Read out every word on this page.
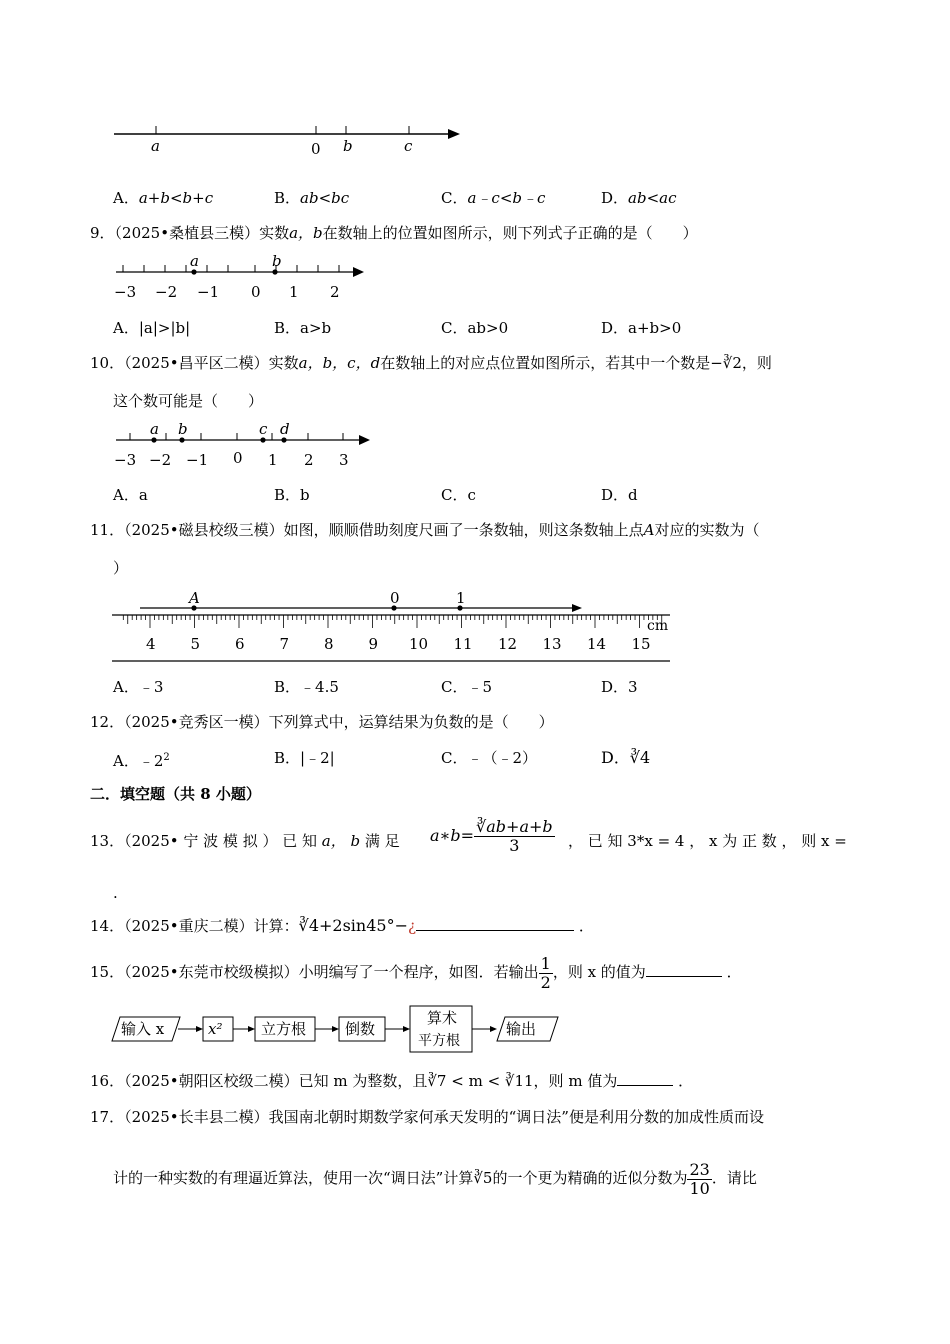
a	0 b	c
A．a+b<b+c	B．ab<bc	C．a﹣c<b﹣c	D．ab<ac
9．（2025•桑植县三模）实数a，b在数轴上的位置如图所示，则下列式子正确的是（　　）
a	b
−3 −2 −1 0 1 2
A．|a|>|b|	B．a>b	C．ab>0	D．a+b>0
10．（2025•昌平区二模）实数a，b，c，d在数轴上的对应点位置如图所示，若其中一个数是−∛2，则
这个数可能是（　　）
a b	c d
−3 −2 −1 0 1 2 3
A．a	B．b	C．c	D．d
11．（2025•磁县校级三模）如图，顺顺借助刻度尺画了一条数轴，则这条数轴上点A对应的实数为（
）
A	0	1
cm
4 5 6 7 8 9 10 11 12 13 14 15
A．﹣3	B．﹣4.5	C．﹣5	D．3
12．（2025•竞秀区一模）下列算式中，运算结果为负数的是（　　）
A．$﹣2^2$	B．|﹣2|	C．﹣（﹣2）	D．∛4
二．填空题（共 8 小题）
13．（2025• 宁 波 模 拟 ） 已 知 a， b 满 足 a∗b= $\frac{∛ab+a+b}{3}$ ， 已 知 3*x = 4 ， x 为 正 数 ， 则 x =
.
14．（2025•重庆二模）计算：∛4+2sin45°−¿	．
15．（2025•东莞市校级模拟）小明编写了一个程序，如图．若输出 $\frac{1}{2}$ ，则 x 的值为	．
输入 x	x²	立方根	倒数
算术
平方根
输出
16．（2025•朝阳区校级二模）已知 m 为整数，且∛7 < m < ∛11，则 m 值为	．
17．（2025•长丰县二模）我国南北朝时期数学家何承天发明的“调日法”便是利用分数的加成性质而设
计的一种实数的有理逼近算法，使用一次“调日法”计算∛5的一个更为精确的近似分数为 $\frac{23}{10}$ ．请比
